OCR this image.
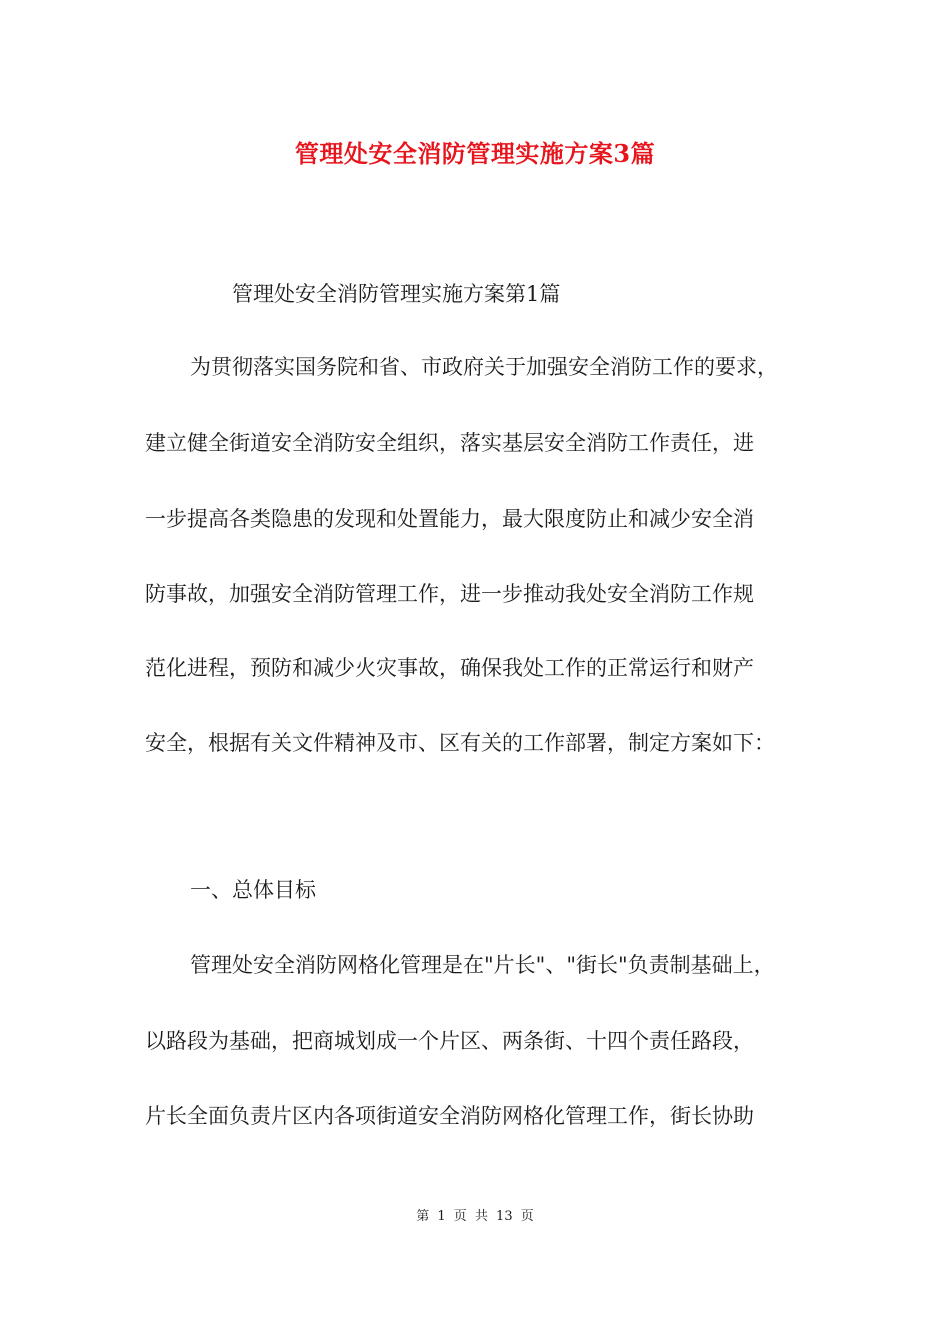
管理处安全消防管理实施方案3篇
管理处安全消防管理实施方案第1篇
为贯彻落实国务院和省、市政府关于加强安全消防工作的要求，
建立健全街道安全消防安全组织，落实基层安全消防工作责任，进
一步提高各类隐患的发现和处置能力，最大限度防止和减少安全消
防事故，加强安全消防管理工作，进一步推动我处安全消防工作规
范化进程，预防和减少火灾事故，确保我处工作的正常运行和财产
安全，根据有关文件精神及市、区有关的工作部署，制定方案如下：
一、总体目标
管理处安全消防网格化管理是在"片长"、"街长"负责制基础上，
以路段为基础，把商城划成一个片区、两条街、十四个责任路段，
片长全面负责片区内各项街道安全消防网格化管理工作，街长协助
第 1 页 共 13 页
